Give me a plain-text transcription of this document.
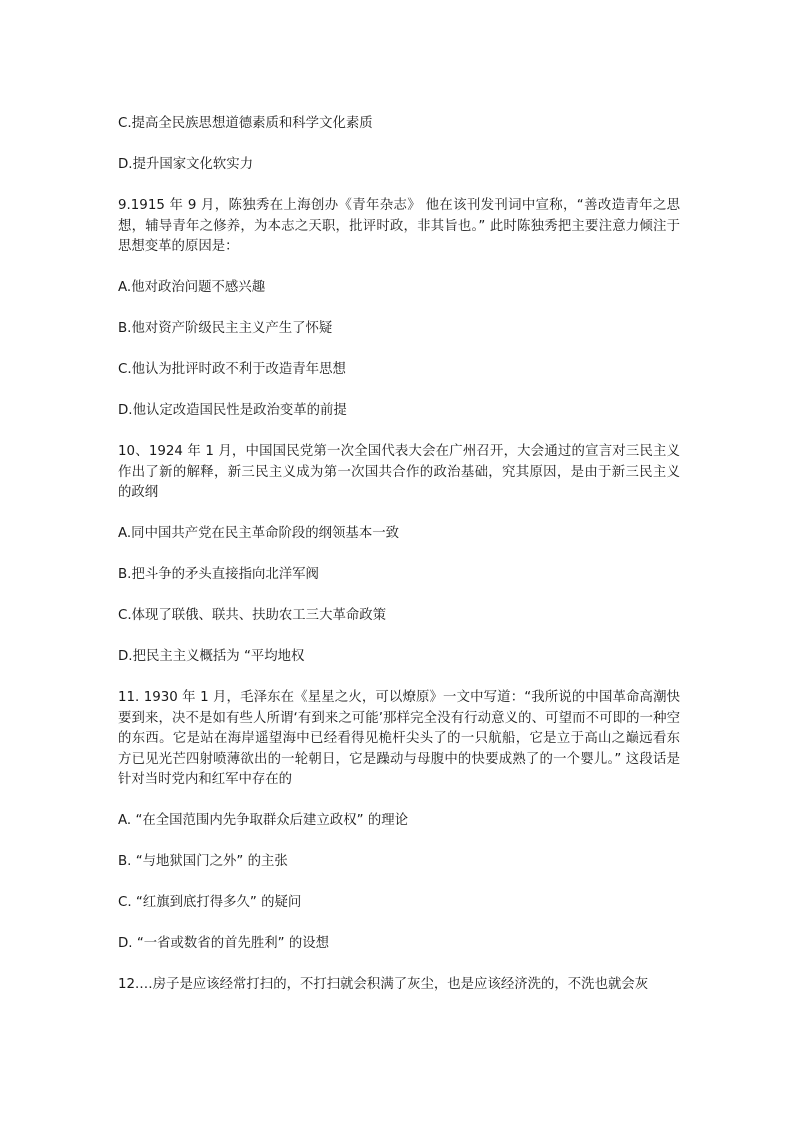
C.提高全民族思想道德素质和科学文化素质

D.提升国家文化软实力

9.1915 年 9 月，陈独秀在上海创办《青年杂志》 他在该刊发刊词中宣称，“善改造青年之思想，辅导青年之修养，为本志之天职，批评时政，非其旨也。” 此时陈独秀把主要注意力倾注于思想变革的原因是：

A.他对政治问题不感兴趣

B.他对资产阶级民主主义产生了怀疑

C.他认为批评时政不利于改造青年思想

D.他认定改造国民性是政治变革的前提

10、1924 年 1 月，中国国民党第一次全国代表大会在广州召开，大会通过的宣言对三民主义作出了新的解释，新三民主义成为第一次国共合作的政治基础，究其原因，是由于新三民主义的政纲

A.同中国共产党在民主革命阶段的纲领基本一致

B.把斗争的矛头直接指向北洋军阀

C.体现了联俄、联共、扶助农工三大革命政策

D.把民主主义概括为 “平均地权

11. 1930 年 1 月，毛泽东在《星星之火，可以燎原》一文中写道：“我所说的中国革命高潮快要到来，决不是如有些人所谓‘有到来之可能’那样完全没有行动意义的、可望而不可即的一种空的东西。它是站在海岸遥望海中已经看得见桅杆尖头了的一只航船，它是立于高山之巅远看东方已见光芒四射喷薄欲出的一轮朝日，它是躁动与母腹中的快要成熟了的一个婴儿。” 这段话是针对当时党内和红军中存在的

A. “在全国范围内先争取群众后建立政权” 的理论

B. “与地狱国门之外” 的主张

C. “红旗到底打得多久” 的疑问

D. “一省或数省的首先胜利” 的设想

12.…房子是应该经常打扫的，不打扫就会积满了灰尘，也是应该经济洗的，不洗也就会灰
